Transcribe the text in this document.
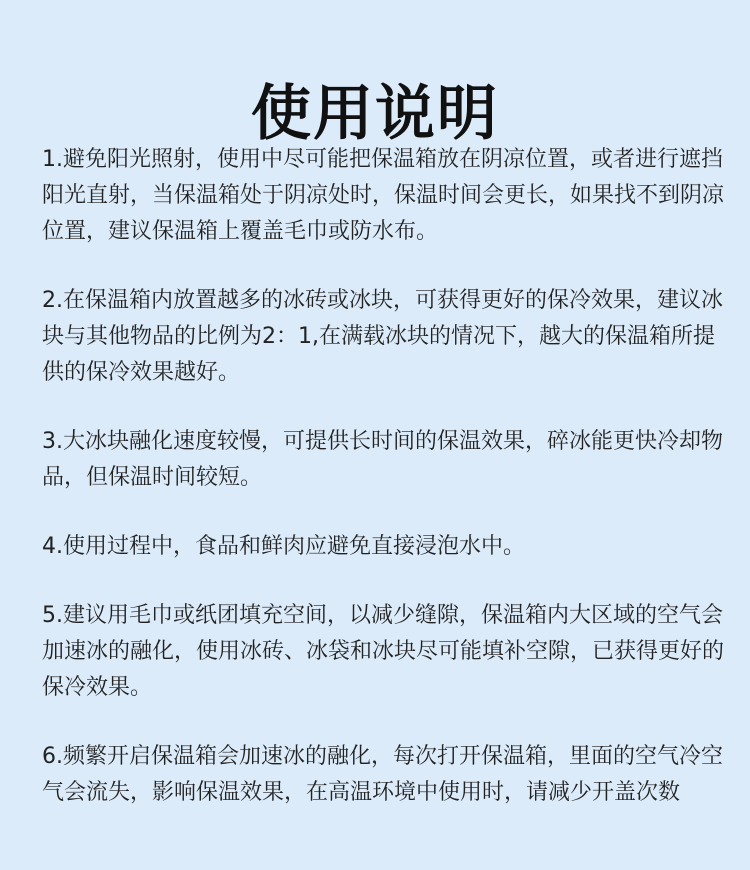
使用说明

1.避免阳光照射，使用中尽可能把保温箱放在阴凉位置，或者进行遮挡阳光直射，当保温箱处于阴凉处时，保温时间会更长，如果找不到阴凉位置，建议保温箱上覆盖毛巾或防水布。

2.在保温箱内放置越多的冰砖或冰块，可获得更好的保冷效果，建议冰块与其他物品的比例为2：1,在满载冰块的情况下，越大的保温箱所提供的保冷效果越好。

3.大冰块融化速度较慢，可提供长时间的保温效果，碎冰能更快冷却物品，但保温时间较短。

4.使用过程中，食品和鲜肉应避免直接浸泡水中。

5.建议用毛巾或纸团填充空间，以减少缝隙，保温箱内大区域的空气会加速冰的融化，使用冰砖、冰袋和冰块尽可能填补空隙，已获得更好的保冷效果。

6.频繁开启保温箱会加速冰的融化，每次打开保温箱，里面的空气冷空气会流失，影响保温效果，在高温环境中使用时，请减少开盖次数
